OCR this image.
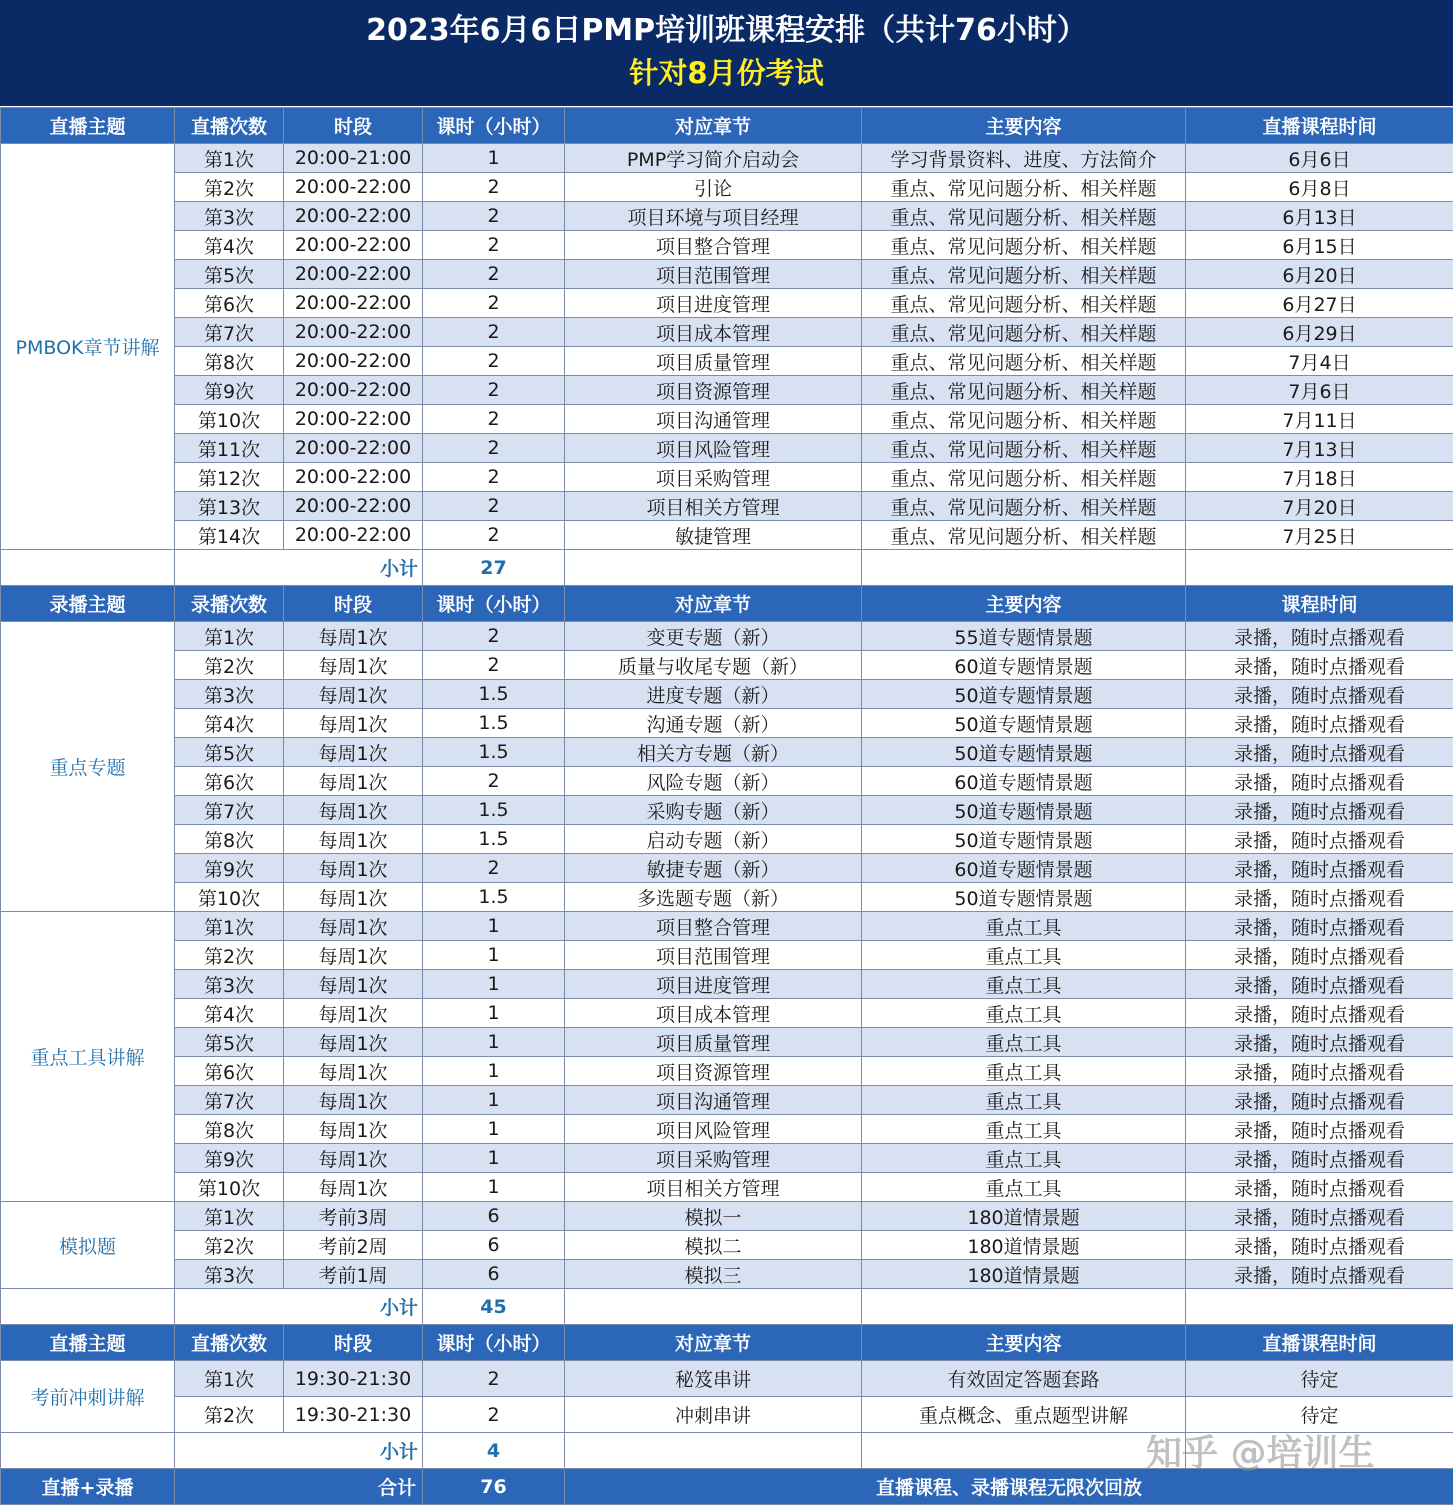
2023年6月6日PMP培训班课程安排（共计76小时）
针对8月份考试
直播主题	直播次数	时段	课时（小时）	对应章节	主要内容	直播课程时间
PMBOK章节讲解	第1次	20:00-21:00	1	PMP学习简介启动会	学习背景资料、进度、方法简介	6月6日
	第2次	20:00-22:00	2	引论	重点、常见问题分析、相关样题	6月8日
	第3次	20:00-22:00	2	项目环境与项目经理	重点、常见问题分析、相关样题	6月13日
	第4次	20:00-22:00	2	项目整合管理	重点、常见问题分析、相关样题	6月15日
	第5次	20:00-22:00	2	项目范围管理	重点、常见问题分析、相关样题	6月20日
	第6次	20:00-22:00	2	项目进度管理	重点、常见问题分析、相关样题	6月27日
	第7次	20:00-22:00	2	项目成本管理	重点、常见问题分析、相关样题	6月29日
	第8次	20:00-22:00	2	项目质量管理	重点、常见问题分析、相关样题	7月4日
	第9次	20:00-22:00	2	项目资源管理	重点、常见问题分析、相关样题	7月6日
	第10次	20:00-22:00	2	项目沟通管理	重点、常见问题分析、相关样题	7月11日
	第11次	20:00-22:00	2	项目风险管理	重点、常见问题分析、相关样题	7月13日
	第12次	20:00-22:00	2	项目采购管理	重点、常见问题分析、相关样题	7月18日
	第13次	20:00-22:00	2	项目相关方管理	重点、常见问题分析、相关样题	7月20日
	第14次	20:00-22:00	2	敏捷管理	重点、常见问题分析、相关样题	7月25日
	小计		27			
录播主题	录播次数	时段	课时（小时）	对应章节	主要内容	课程时间
重点专题	第1次	每周1次	2	变更专题（新）	55道专题情景题	录播，随时点播观看
	第2次	每周1次	2	质量与收尾专题（新）	60道专题情景题	录播，随时点播观看
	第3次	每周1次	1.5	进度专题（新）	50道专题情景题	录播，随时点播观看
	第4次	每周1次	1.5	沟通专题（新）	50道专题情景题	录播，随时点播观看
	第5次	每周1次	1.5	相关方专题（新）	50道专题情景题	录播，随时点播观看
	第6次	每周1次	2	风险专题（新）	60道专题情景题	录播，随时点播观看
	第7次	每周1次	1.5	采购专题（新）	50道专题情景题	录播，随时点播观看
	第8次	每周1次	1.5	启动专题（新）	50道专题情景题	录播，随时点播观看
	第9次	每周1次	2	敏捷专题（新）	60道专题情景题	录播，随时点播观看
	第10次	每周1次	1.5	多选题专题（新）	50道专题情景题	录播，随时点播观看
重点工具讲解	第1次	每周1次	1	项目整合管理	重点工具	录播，随时点播观看
	第2次	每周1次	1	项目范围管理	重点工具	录播，随时点播观看
	第3次	每周1次	1	项目进度管理	重点工具	录播，随时点播观看
	第4次	每周1次	1	项目成本管理	重点工具	录播，随时点播观看
	第5次	每周1次	1	项目质量管理	重点工具	录播，随时点播观看
	第6次	每周1次	1	项目资源管理	重点工具	录播，随时点播观看
	第7次	每周1次	1	项目沟通管理	重点工具	录播，随时点播观看
	第8次	每周1次	1	项目风险管理	重点工具	录播，随时点播观看
	第9次	每周1次	1	项目采购管理	重点工具	录播，随时点播观看
	第10次	每周1次	1	项目相关方管理	重点工具	录播，随时点播观看
模拟题	第1次	考前3周	6	模拟一	180道情景题	录播，随时点播观看
	第2次	考前2周	6	模拟二	180道情景题	录播，随时点播观看
	第3次	考前1周	6	模拟三	180道情景题	录播，随时点播观看
	小计		45			
直播主题	直播次数	时段	课时（小时）	对应章节	主要内容	直播课程时间
考前冲刺讲解	第1次	19:30-21:30	2	秘笈串讲	有效固定答题套路	待定
	第2次	19:30-21:30	2	冲刺串讲	重点概念、重点题型讲解	待定
	小计		4			
直播+录播	合计		76	直播课程、录播课程无限次回放		
知乎 @培训生
